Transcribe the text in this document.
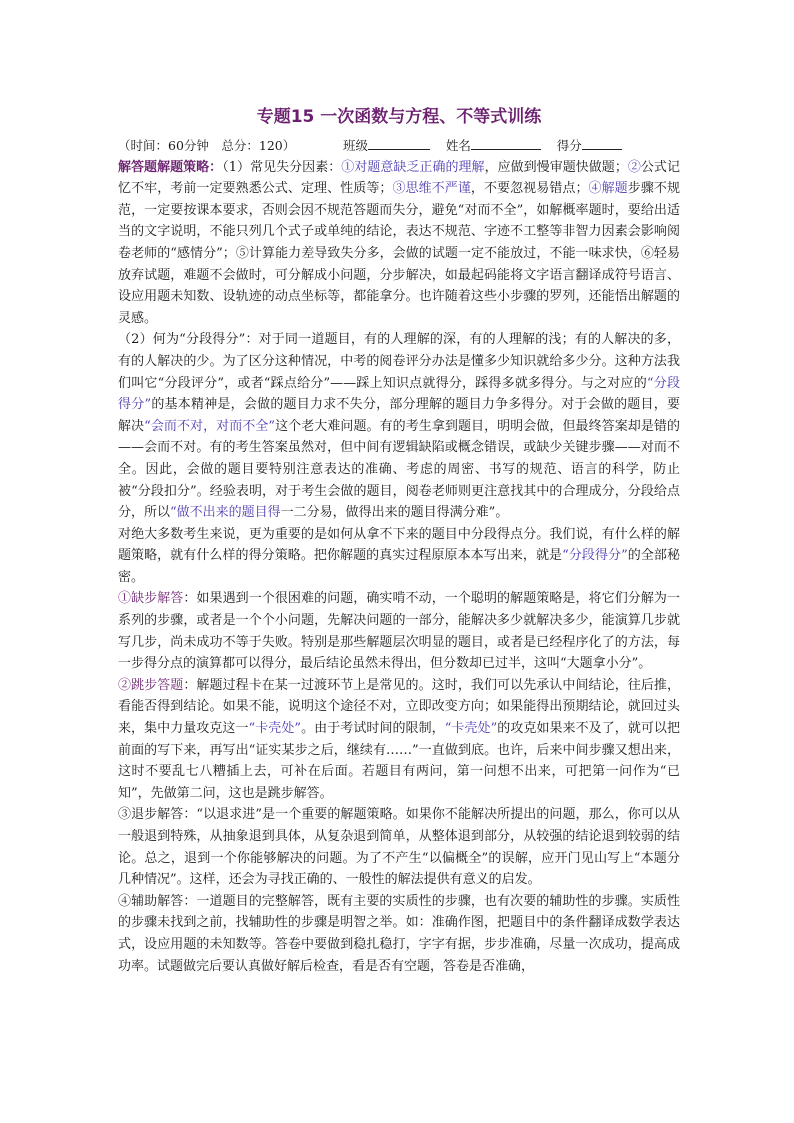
专题15 一次函数与方程、不等式训练
（时间：60分钟　总分：120）	班级	姓名	得分

解答题解题策略：（1）常见失分因素：①对题意缺乏正确的理解，应做到慢审题快做题；②公式记忆不牢，考前一定要熟悉公式、定理、性质等；③思维不严谨，不要忽视易错点；④解题步骤不规范，一定要按课本要求，否则会因不规范答题而失分，避免“对而不全”，如解概率题时，要给出适当的文字说明，不能只列几个式子或单纯的结论，表达不规范、字迹不工整等非智力因素会影响阅卷老师的“感情分”；⑤计算能力差导致失分多，会做的试题一定不能放过，不能一味求快，⑥轻易放弃试题，难题不会做时，可分解成小问题，分步解决，如最起码能将文字语言翻译成符号语言、设应用题未知数、设轨迹的动点坐标等，都能拿分。也许随着这些小步骤的罗列，还能悟出解题的灵感。

（2）何为“分段得分”：对于同一道题目，有的人理解的深，有的人理解的浅；有的人解决的多，有的人解决的少。为了区分这种情况，中考的阅卷评分办法是懂多少知识就给多少分。这种方法我们叫它“分段评分”，或者“踩点给分”——踩上知识点就得分，踩得多就多得分。与之对应的“分段得分”的基本精神是，会做的题目力求不失分，部分理解的题目力争多得分。对于会做的题目，要解决“会而不对，对而不全”这个老大难问题。有的考生拿到题目，明明会做，但最终答案却是错的——会而不对。有的考生答案虽然对，但中间有逻辑缺陷或概念错误，或缺少关键步骤——对而不全。因此，会做的题目要特别注意表达的准确、考虑的周密、书写的规范、语言的科学，防止被“分段扣分”。经验表明，对于考生会做的题目，阅卷老师则更注意找其中的合理成分，分段给点分，所以“做不出来的题目得一二分易，做得出来的题目得满分难”。

对绝大多数考生来说，更为重要的是如何从拿不下来的题目中分段得点分。我们说，有什么样的解题策略，就有什么样的得分策略。把你解题的真实过程原原本本写出来，就是“分段得分”的全部秘密。

①缺步解答：如果遇到一个很困难的问题，确实啃不动，一个聪明的解题策略是，将它们分解为一系列的步骤，或者是一个个小问题，先解决问题的一部分，能解决多少就解决多少，能演算几步就写几步，尚未成功不等于失败。特别是那些解题层次明显的题目，或者是已经程序化了的方法，每一步得分点的演算都可以得分，最后结论虽然未得出，但分数却已过半，这叫“大题拿小分”。

②跳步答题：解题过程卡在某一过渡环节上是常见的。这时，我们可以先承认中间结论，往后推，看能否得到结论。如果不能，说明这个途径不对，立即改变方向；如果能得出预期结论，就回过头来，集中力量攻克这一“卡壳处”。由于考试时间的限制，“卡壳处”的攻克如果来不及了，就可以把前面的写下来，再写出“证实某步之后，继续有……”一直做到底。也许，后来中间步骤又想出来，这时不要乱七八糟插上去，可补在后面。若题目有两问，第一问想不出来，可把第一问作为“已知”，先做第二问，这也是跳步解答。

③退步解答：“以退求进”是一个重要的解题策略。如果你不能解决所提出的问题，那么，你可以从一般退到特殊，从抽象退到具体，从复杂退到简单，从整体退到部分，从较强的结论退到较弱的结论。总之，退到一个你能够解决的问题。为了不产生“以偏概全”的误解，应开门见山写上“本题分几种情况”。这样，还会为寻找正确的、一般性的解法提供有意义的启发。

④辅助解答：一道题目的完整解答，既有主要的实质性的步骤，也有次要的辅助性的步骤。实质性的步骤未找到之前，找辅助性的步骤是明智之举。如：准确作图，把题目中的条件翻译成数学表达式，设应用题的未知数等。答卷中要做到稳扎稳打，字字有据，步步准确，尽量一次成功，提高成功率。试题做完后要认真做好解后检查，看是否有空题，答卷是否准确，
